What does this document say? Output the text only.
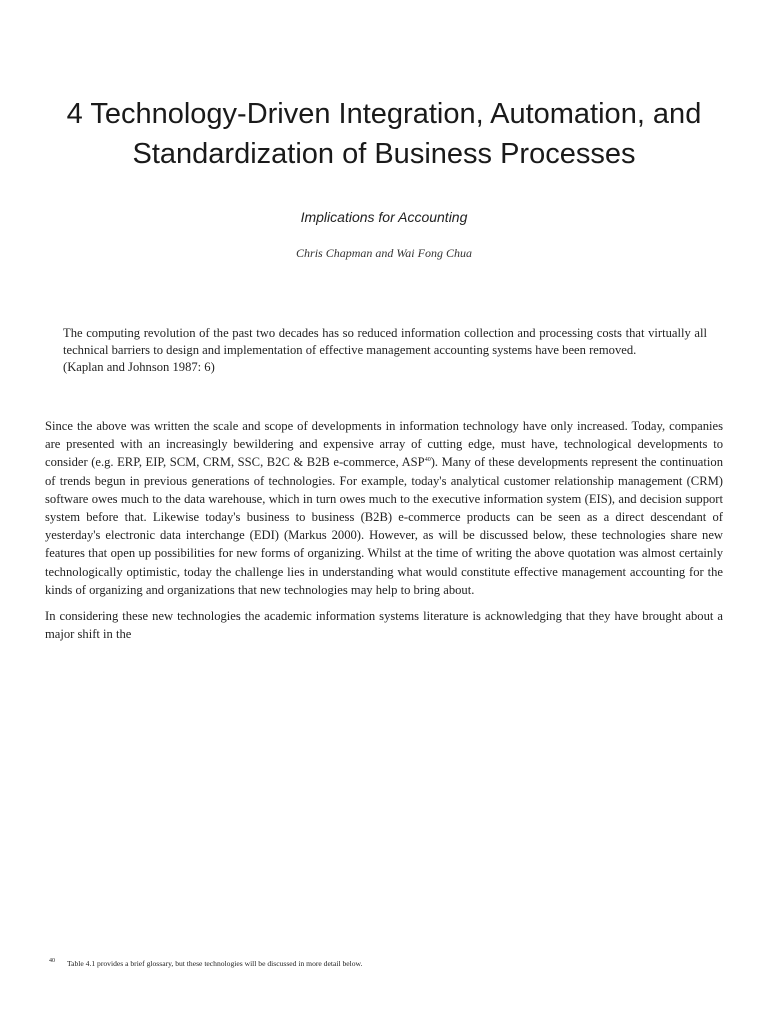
4 Technology-Driven Integration, Automation, and
Standardization of Business Processes
Implications for Accounting
Chris Chapman and Wai Fong Chua

The computing revolution of the past two decades has so reduced information collection and processing costs that virtually all technical barriers to design and implementation of effective management accounting systems have been removed.

(Kaplan and Johnson 1987: 6)

Since the above was written the scale and scope of developments in information technology have only increased. Today, companies are presented with an increasingly bewildering and expensive array of cutting edge, must have, technological developments to consider (e.g. ERP, EIP, SCM, CRM, SSC, B2C & B2B e-commerce, ASP$^{40}$). Many of these developments represent the continuation of trends begun in previous generations of technologies. For example, today's analytical customer relationship management (CRM) software owes much to the data warehouse, which in turn owes much to the executive information system (EIS), and decision support system before that. Likewise today's business to business (B2B) e-commerce products can be seen as a direct descendant of yesterday's electronic data interchange (EDI) (Markus 2000). However, as will be discussed below, these technologies share new features that open up possibilities for new forms of organizing. Whilst at the time of writing the above quotation was almost certainly technologically optimistic, today the challenge lies in understanding what would constitute effective management accounting for the kinds of organizing and organizations that new technologies may help to bring about.

In considering these new technologies the academic information systems literature is acknowledging that they have brought about a major shift in the

$^{40}$ Table 4.1 provides a brief glossary, but these technologies will be discussed in more detail below.
